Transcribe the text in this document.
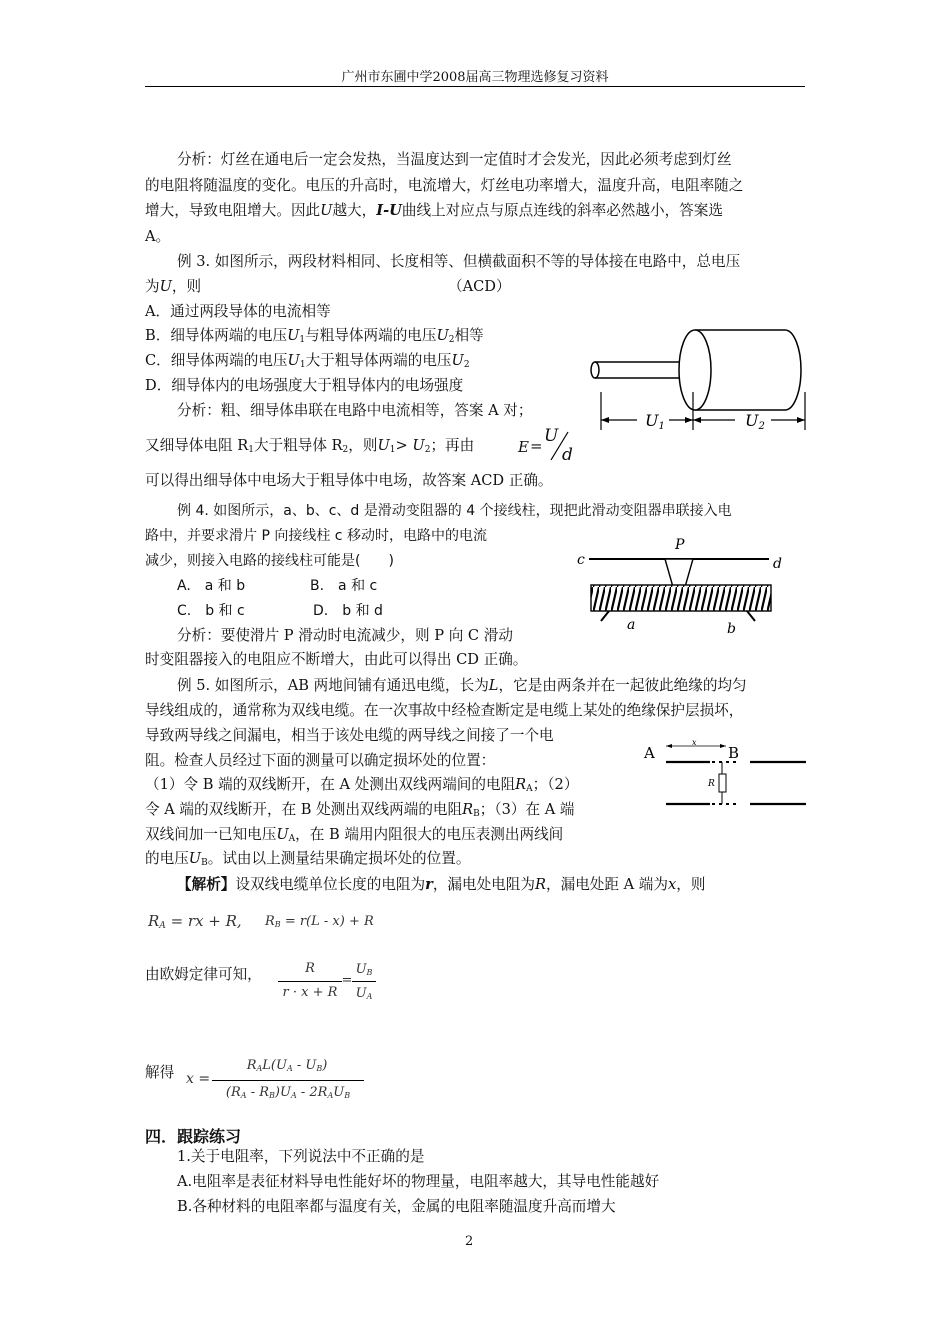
广州市东圃中学2008届高三物理选修复习资料
分析：灯丝在通电后一定会发热，当温度达到一定值时才会发光，因此必须考虑到灯丝
的电阻将随温度的变化。电压的升高时，电流增大，灯丝电功率增大，温度升高，电阻率随之
增大，导致电阻增大。因此U越大，I-U曲线上对应点与原点连线的斜率必然越小，答案选
A。
例 3. 如图所示，两段材料相同、长度相等、但横截面积不等的导体接在电路中，总电压
为U，则	（ACD）
A．通过两段导体的电流相等
B．细导体两端的电压$U_1$与粗导体两端的电压$U_2$相等
C．细导体两端的电压$U_1$大于粗导体两端的电压$U_2$
D．细导体内的电场强度大于粗导体内的电场强度
分析：粗、细导体串联在电路中电流相等，答案 A 对；
又细导体电阻 $R_1$大于粗导体 $R_2$，则$U_1> U_2$；再由	E = U
d
可以得出细导体中电场大于粗导体中电场，故答案 ACD 正确。
U1	U2
例 4. 如图所示，a、b、c、d 是滑动变阻器的 4 个接线柱，现把此滑动变阻器串联接入电
路中，并要求滑片 P 向接线柱 c 移动时，电路中的电流
减少，则接入电路的接线柱可能是(　　)
A.　a 和 b	B.　a 和 c
C.　b 和 c	D.　b 和 d
分析：要使滑片 P 滑动时电流减少，则 P 向 C 滑动
时变阻器接入的电阻应不断增大，由此可以得出 CD 正确。
c	d
P
a	b
例 5. 如图所示，AB 两地间铺有通迅电缆，长为L，它是由两条并在一起彼此绝缘的均匀
导线组成的，通常称为双线电缆。在一次事故中经检查断定是电缆上某处的绝缘保护层损坏，
导致两导线之间漏电，相当于该处电缆的两导线之间接了一个电
阻。检查人员经过下面的测量可以确定损坏处的位置：
（1）令 B 端的双线断开，在 A 处测出双线两端间的电阻$R_A$；（2）
令 A 端的双线断开，在 B 处测出双线两端的电阻$R_B$；（3）在 A 端
双线间加一已知电压$U_A$，在 B 端用内阻很大的电压表测出两线间
的电压$U_B$。试由以上测量结果确定损坏处的位置。
A	B
x
R
【解析】设双线电缆单位长度的电阻为r，漏电处电阻为R，漏电处距 A 端为x，则
$R_A$ = rx + R, $R_B = r(L - x) + R$
由欧姆定律可知，	R
r · x + R
=
$U_B$
$U_A$
解得 x =
$R_AL(U_A - U_B)$
$(R_A - R_B)U_A - 2R_AU_B$
四．跟踪练习
1.关于电阻率，下列说法中不正确的是
A.电阻率是表征材料导电性能好坏的物理量，电阻率越大，其导电性能越好
B.各种材料的电阻率都与温度有关，金属的电阻率随温度升高而增大
2
